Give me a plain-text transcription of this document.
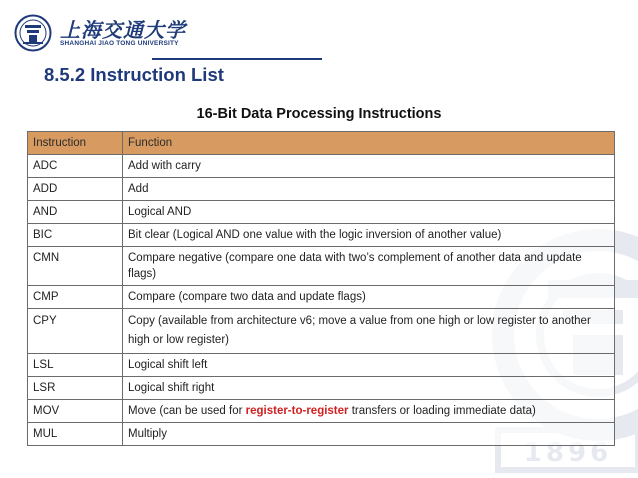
1896
上海交通大学
SHANGHAI JIAO TONG UNIVERSITY
8.5.2 Instruction List
16-Bit Data Processing Instructions
Instruction	Function
ADC	Add with carry
ADD	Add
AND	Logical AND
BIC	Bit clear (Logical AND one value with the logic inversion of another value)
CMN	Compare negative (compare one data with two’s complement of another data and update flags)
CMP	Compare (compare two data and update flags)
CPY	Copy (available from architecture v6; move a value from one high or low register to another high or low register)
LSL	Logical shift left
LSR	Logical shift right
MOV	Move (can be used for register-to-register transfers or loading immediate data)
MUL	Multiply
